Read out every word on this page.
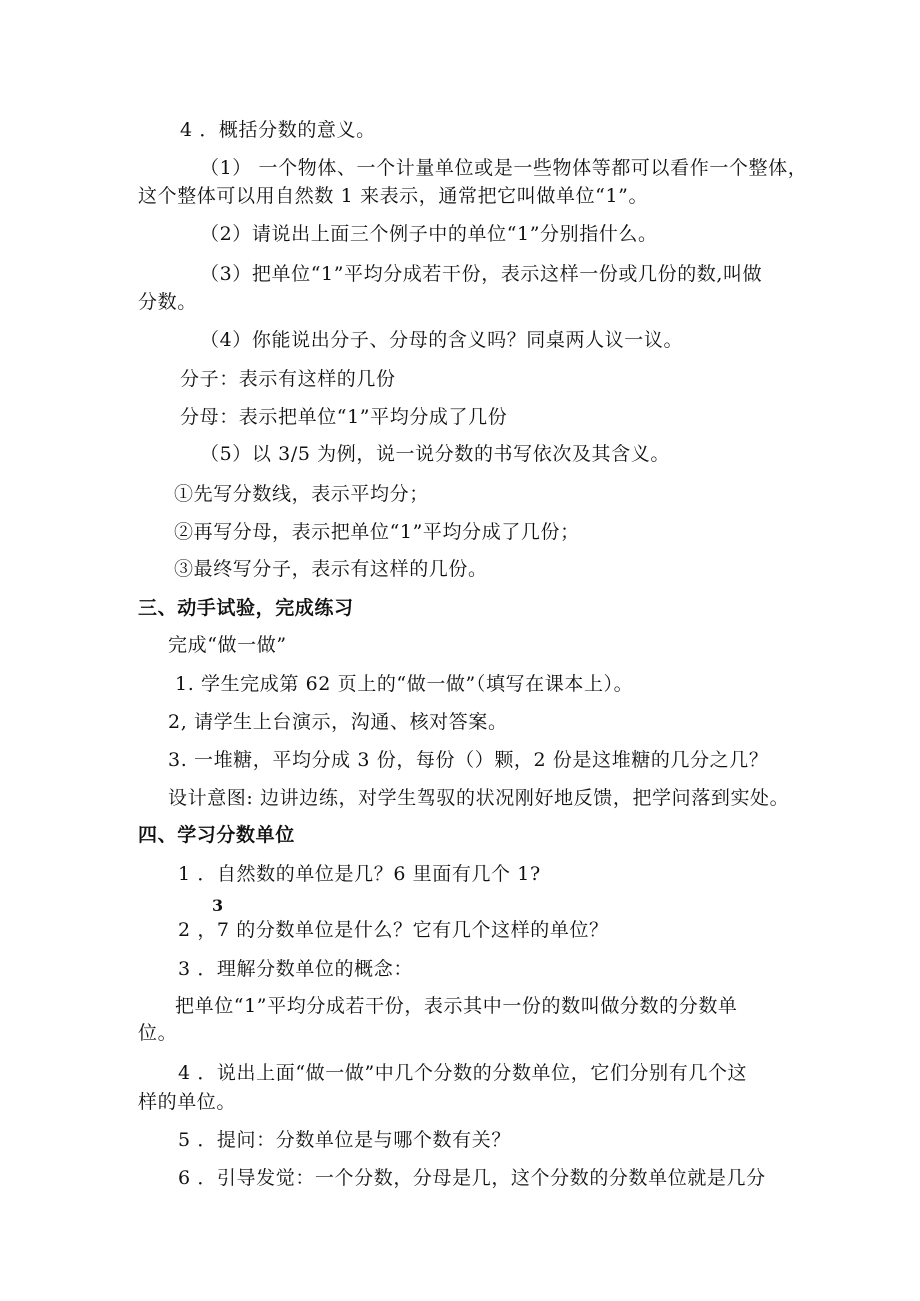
4 ．概括分数的意义。
（1） 一个物体、一个计量单位或是一些物体等都可以看作一个整体，
这个整体可以用自然数 1 来表示，通常把它叫做单位“1”。
（2）请说出上面三个例子中的单位“1”分别指什么。
（3）把单位“1”平均分成若干份，表示这样一份或几份的数,叫做
分数。
（4）你能说出分子、分母的含义吗？同桌两人议一议。
分子：表示有这样的几份
分母：表示把单位“1”平均分成了几份
（5）以 3/5 为例，说一说分数的书写依次及其含义。
①先写分数线，表示平均分；
②再写分母，表示把单位“1”平均分成了几份；
③最终写分子，表示有这样的几份。
三、动手试验，完成练习
完成“做一做”
1. 学生完成第 62 页上的“做一做”（填写在课本上）。
2, 请学生上台演示，沟通、核对答案。
3. 一堆糖，平均分成 3 份，每份（）颗，2 份是这堆糖的几分之几？
设计意图: 边讲边练，对学生驾驭的状况刚好地反馈，把学问落到实处。
四、学习分数单位
1 ．自然数的单位是几？6 里面有几个 1?
3
2 ，7 的分数单位是什么？它有几个这样的单位？
3 ．理解分数单位的概念：
把单位“1”平均分成若干份，表示其中一份的数叫做分数的分数单
位。
4 ．说出上面“做一做”中几个分数的分数单位，它们分别有几个这
样的单位。
5 ．提问：分数单位是与哪个数有关？
6 ．引导发觉：一个分数，分母是几，这个分数的分数单位就是几分
